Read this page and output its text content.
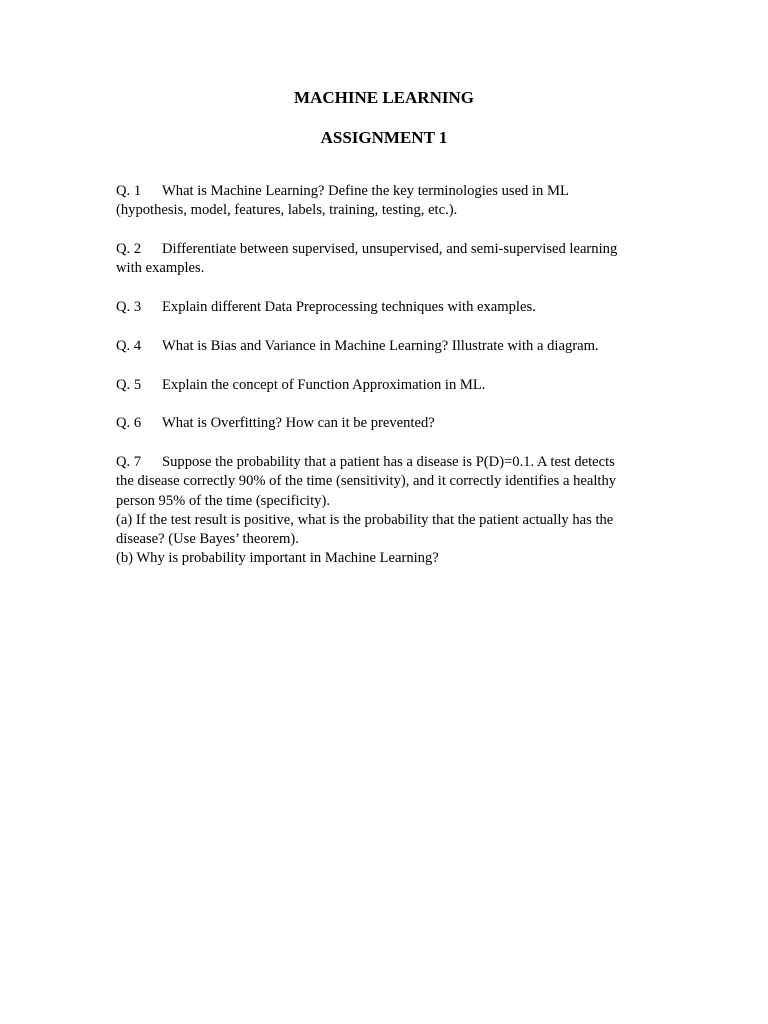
MACHINE LEARNING
ASSIGNMENT 1

Q. 1 What is Machine Learning? Define the key terminologies used in ML
(hypothesis, model, features, labels, training, testing, etc.).

Q. 2 Differentiate between supervised, unsupervised, and semi-supervised learning
with examples.

Q. 3 Explain different Data Preprocessing techniques with examples.

Q. 4 What is Bias and Variance in Machine Learning? Illustrate with a diagram.

Q. 5 Explain the concept of Function Approximation in ML.

Q. 6 What is Overfitting? How can it be prevented?

Q. 7 Suppose the probability that a patient has a disease is P(D)=0.1. A test detects
the disease correctly 90% of the time (sensitivity), and it correctly identifies a healthy
person 95% of the time (specificity).
(a) If the test result is positive, what is the probability that the patient actually has the
disease? (Use Bayes’ theorem).
(b) Why is probability important in Machine Learning?
